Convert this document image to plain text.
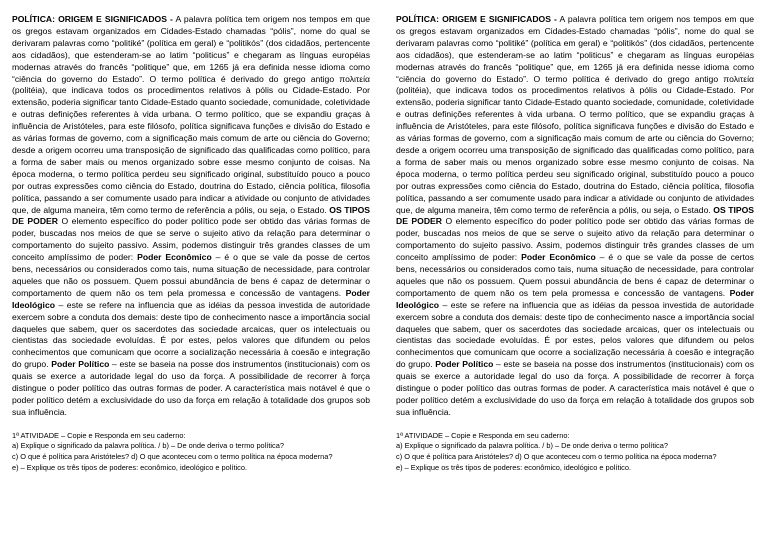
POLÍTICA: ORIGEM E SIGNIFICADOS - A palavra política tem origem nos tempos em que os gregos estavam organizados em Cidades-Estado chamadas “pólis”, nome do qual se derivaram palavras como “politiké” (política em geral) e “politikós” (dos cidadãos, pertencente aos cidadãos), que estenderam-se ao latim “politicus” e chegaram as línguas européias modernas através do francês “politique” que, em 1265 já era definida nesse idioma como “ciência do governo do Estado”. O termo política é derivado do grego antigo πολιτεία (politéia), que indicava todos os procedimentos relativos à pólis ou Cidade-Estado. Por extensão, poderia significar tanto Cidade-Estado quanto sociedade, comunidade, coletividade e outras definições referentes à vida urbana. O termo político, que se expandiu graças à influência de Aristóteles, para este filósofo, política significava funções e divisão do Estado e as várias formas de governo, com a significação mais comum de arte ou ciência do Governo; desde a origem ocorreu uma transposição de significado das qualificadas como político, para a forma de saber mais ou menos organizado sobre esse mesmo conjunto de coisas. Na época moderna, o termo política perdeu seu significado original, substituído pouco a pouco por outras expressões como ciência do Estado, doutrina do Estado, ciência política, filosofia política, passando a ser comumente usado para indicar a atividade ou conjunto de atividades que, de alguma maneira, têm como termo de referência a pólis, ou seja, o Estado. OS TIPOS DE PODER O elemento específico do poder político pode ser obtido das várias formas de poder, buscadas nos meios de que se serve o sujeito ativo da relação para determinar o comportamento do sujeito passivo. Assim, podemos distinguir três grandes classes de um conceito amplíssimo de poder: Poder Econômico – é o que se vale da posse de certos bens, necessários ou considerados como tais, numa situação de necessidade, para controlar aqueles que não os possuem. Quem possui abundância de bens é capaz de determinar o comportamento de quem não os tem pela promessa e concessão de vantagens. Poder Ideológico – este se refere na influencia que as idéias da pessoa investida de autoridade exercem sobre a conduta dos demais: deste tipo de conhecimento nasce a importância social daqueles que sabem, quer os sacerdotes das sociedade arcaicas, quer os intelectuais ou cientistas das sociedade evoluídas. É por estes, pelos valores que difundem ou pelos conhecimentos que comunicam que ocorre a socialização necessária à coesão e integração do grupo. Poder Político – este se baseia na posse dos instrumentos (institucionais) com os quais se exerce a autoridade legal do uso da força. A possibilidade de recorrer à força distingue o poder político das outras formas de poder. A característica mais notável é que o poder político detém a exclusividade do uso da força em relação à totalidade dos grupos sob sua influência.

1ª ATIVIDADE – Copie e Responda em seu caderno:
a) Explique o significado da palavra política. / b) – De onde deriva o termo política?
c) O que é política para Aristóteles? d) O que aconteceu com o termo política na época moderna?
e) – Explique os três tipos de poderes: econômico, ideológico e político.

POLÍTICA: ORIGEM E SIGNIFICADOS - A palavra política tem origem nos tempos em que os gregos estavam organizados em Cidades-Estado chamadas “pólis”, nome do qual se derivaram palavras como “politiké” (política em geral) e “politikós” (dos cidadãos, pertencente aos cidadãos), que estenderam-se ao latim “politicus” e chegaram as línguas européias modernas através do francês “politique” que, em 1265 já era definida nesse idioma como “ciência do governo do Estado”. O termo política é derivado do grego antigo πολιτεία (politéia), que indicava todos os procedimentos relativos à pólis ou Cidade-Estado. Por extensão, poderia significar tanto Cidade-Estado quanto sociedade, comunidade, coletividade e outras definições referentes à vida urbana. O termo político, que se expandiu graças à influência de Aristóteles, para este filósofo, política significava funções e divisão do Estado e as várias formas de governo, com a significação mais comum de arte ou ciência do Governo; desde a origem ocorreu uma transposição de significado das qualificadas como político, para a forma de saber mais ou menos organizado sobre esse mesmo conjunto de coisas. Na época moderna, o termo política perdeu seu significado original, substituído pouco a pouco por outras expressões como ciência do Estado, doutrina do Estado, ciência política, filosofia política, passando a ser comumente usado para indicar a atividade ou conjunto de atividades que, de alguma maneira, têm como termo de referência a pólis, ou seja, o Estado. OS TIPOS DE PODER O elemento específico do poder político pode ser obtido das várias formas de poder, buscadas nos meios de que se serve o sujeito ativo da relação para determinar o comportamento do sujeito passivo. Assim, podemos distinguir três grandes classes de um conceito amplíssimo de poder: Poder Econômico – é o que se vale da posse de certos bens, necessários ou considerados como tais, numa situação de necessidade, para controlar aqueles que não os possuem. Quem possui abundância de bens é capaz de determinar o comportamento de quem não os tem pela promessa e concessão de vantagens. Poder Ideológico – este se refere na influencia que as idéias da pessoa investida de autoridade exercem sobre a conduta dos demais: deste tipo de conhecimento nasce a importância social daqueles que sabem, quer os sacerdotes das sociedade arcaicas, quer os intelectuais ou cientistas das sociedade evoluídas. É por estes, pelos valores que difundem ou pelos conhecimentos que comunicam que ocorre a socialização necessária à coesão e integração do grupo. Poder Político – este se baseia na posse dos instrumentos (institucionais) com os quais se exerce a autoridade legal do uso da força. A possibilidade de recorrer à força distingue o poder político das outras formas de poder. A característica mais notável é que o poder político detém a exclusividade do uso da força em relação à totalidade dos grupos sob sua influência.

1ª ATIVIDADE – Copie e Responda em seu caderno:
a) Explique o significado da palavra política. / b) – De onde deriva o termo política?
c) O que é política para Aristóteles? d) O que aconteceu com o termo política na época moderna?
e) – Explique os três tipos de poderes: econômico, ideológico e político.
